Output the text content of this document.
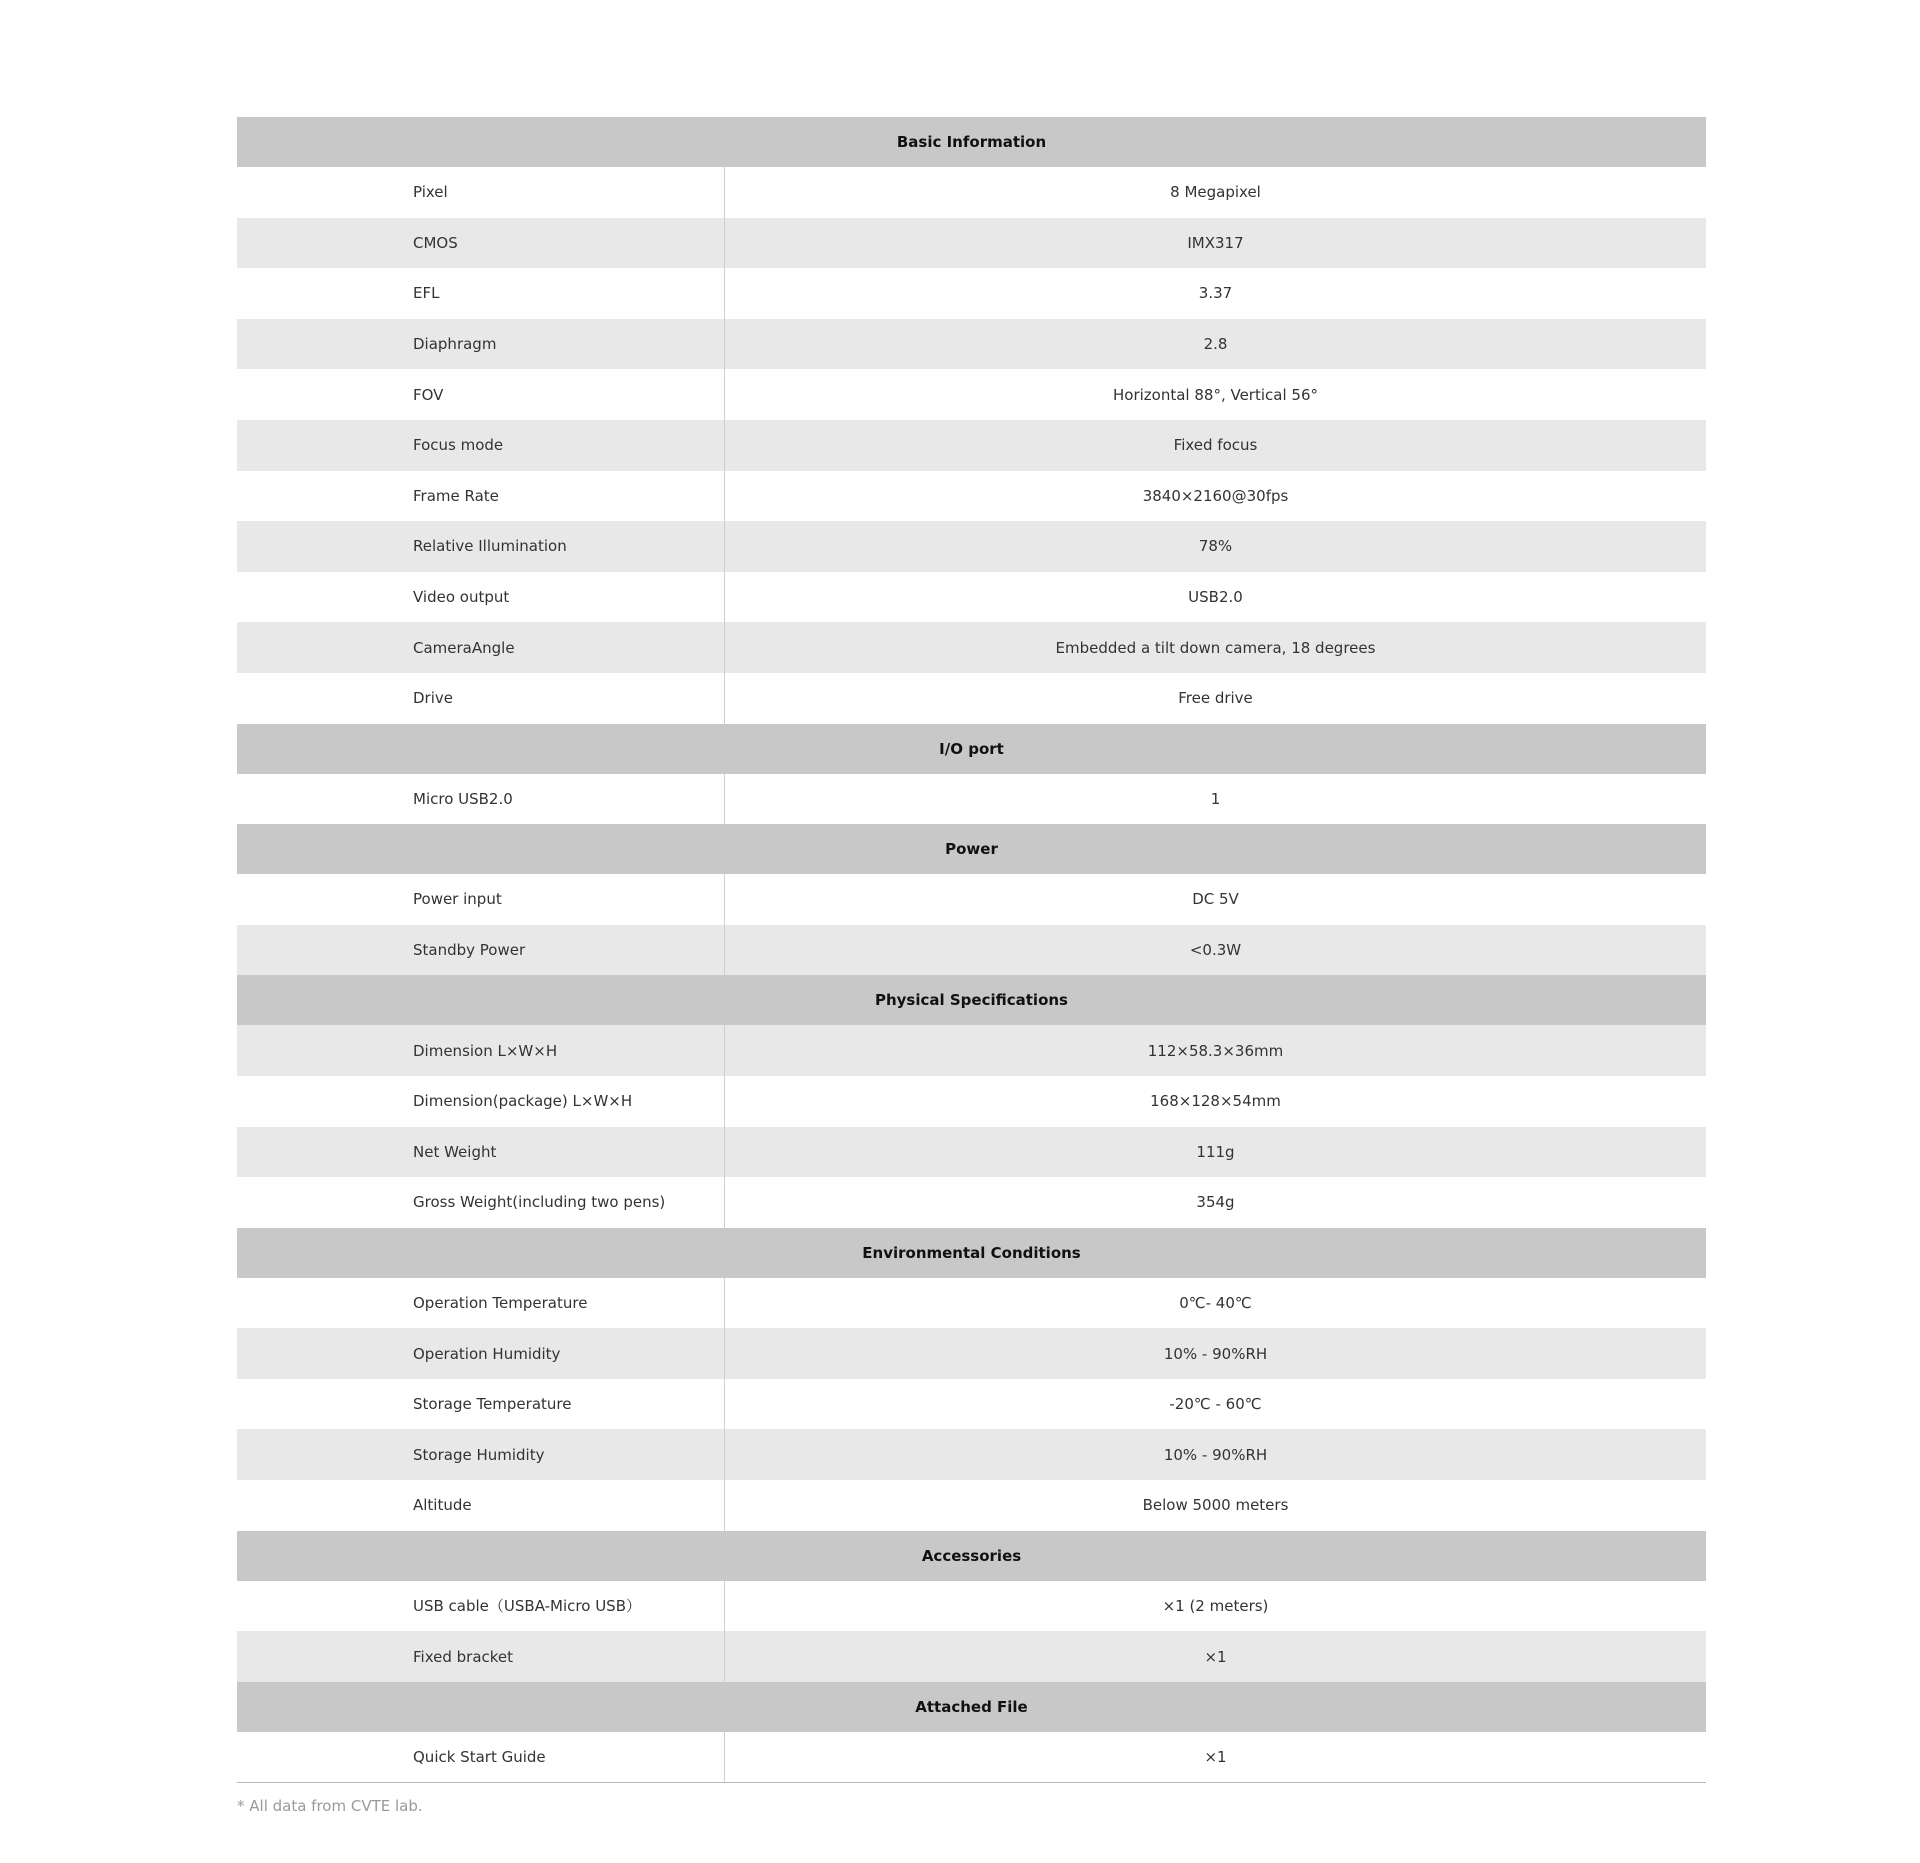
Basic Information
Pixel	8 Megapixel
CMOS	IMX317
EFL	3.37
Diaphragm	2.8
FOV	Horizontal 88°, Vertical 56°
Focus mode	Fixed focus
Frame Rate	3840×2160@30fps
Relative Illumination	78%
Video output	USB2.0
CameraAngle	Embedded a tilt down camera, 18 degrees
Drive	Free drive
I/O port
Micro USB2.0	1
Power
Power input	DC 5V
Standby Power	<0.3W
Physical Specifications
Dimension L×W×H	112×58.3×36mm
Dimension(package) L×W×H	168×128×54mm
Net Weight	111g
Gross Weight(including two pens)	354g
Environmental Conditions
Operation Temperature	0℃- 40℃
Operation Humidity	10% - 90%RH
Storage Temperature	-20℃ - 60℃
Storage Humidity	10% - 90%RH
Altitude	Below 5000 meters
Accessories
USB cable（USBA-Micro USB）	×1 (2 meters)
Fixed bracket	×1
Attached File
Quick Start Guide	×1
* All data from CVTE lab.
